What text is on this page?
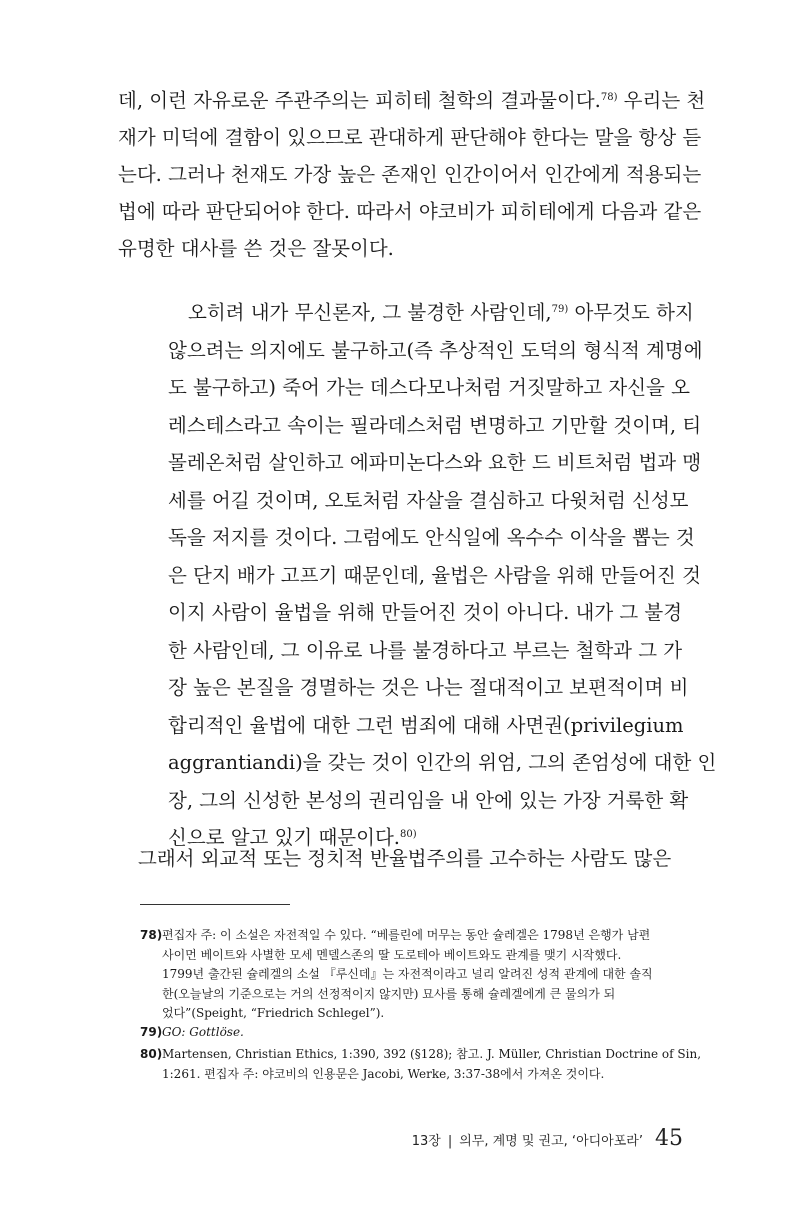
데, 이런 자유로운 주관주의는 피히테 철학의 결과물이다.$^{78)}$ 우리는 천
재가 미덕에 결함이 있으므로 관대하게 판단해야 한다는 말을 항상 듣
는다. 그러나 천재도 가장 높은 존재인 인간이어서 인간에게 적용되는
법에 따라 판단되어야 한다. 따라서 야코비가 피히테에게 다음과 같은
유명한 대사를 쓴 것은 잘못이다.
오히려 내가 무신론자, 그 불경한 사람인데,$^{79)}$ 아무것도 하지
않으려는 의지에도 불구하고(즉 추상적인 도덕의 형식적 계명에
도 불구하고) 죽어 가는 데스다모나처럼 거짓말하고 자신을 오
레스테스라고 속이는 필라데스처럼 변명하고 기만할 것이며, 티
몰레온처럼 살인하고 에파미논다스와 요한 드 비트처럼 법과 맹
세를 어길 것이며, 오토처럼 자살을 결심하고 다윗처럼 신성모
독을 저지를 것이다. 그럼에도 안식일에 옥수수 이삭을 뽑는 것
은 단지 배가 고프기 때문인데, 율법은 사람을 위해 만들어진 것
이지 사람이 율법을 위해 만들어진 것이 아니다. 내가 그 불경
한 사람인데, 그 이유로 나를 불경하다고 부르는 철학과 그 가
장 높은 본질을 경멸하는 것은 나는 절대적이고 보편적이며 비
합리적인 율법에 대한 그런 범죄에 대해 사면권(privilegium
aggrantiandi)을 갖는 것이 인간의 위엄, 그의 존엄성에 대한 인
장, 그의 신성한 본성의 권리임을 내 안에 있는 가장 거룩한 확
신으로 알고 있기 때문이다.$^{80)}$
그래서 외교적 또는 정치적 반율법주의를 고수하는 사람도 많은
78) 편집자 주: 이 소설은 자전적일 수 있다. “베를린에 머무는 동안 슐레겔은 1798년 은행가 남편
사이먼 베이트와 사별한 모세 멘델스존의 딸 도로테아 베이트와도 관계를 맺기 시작했다.
1799년 출간된 슐레겔의 소설 『루신데』는 자전적이라고 널리 알려진 성적 관계에 대한 솔직
한(오늘날의 기준으로는 거의 선정적이지 않지만) 묘사를 통해 슐레겔에게 큰 물의가 되
었다”(Speight, “Friedrich Schlegel”).
79) GO: Gottlöse.
80) Martensen, Christian Ethics, 1:390, 392 (§128); 참고. J. Müller, Christian Doctrine of Sin,
1:261. 편집자 주: 야코비의 인용문은 Jacobi, Werke, 3:37-38에서 가져온 것이다.
13장 | 의무, 계명 및 권고, ‘아디아포라’ 45
